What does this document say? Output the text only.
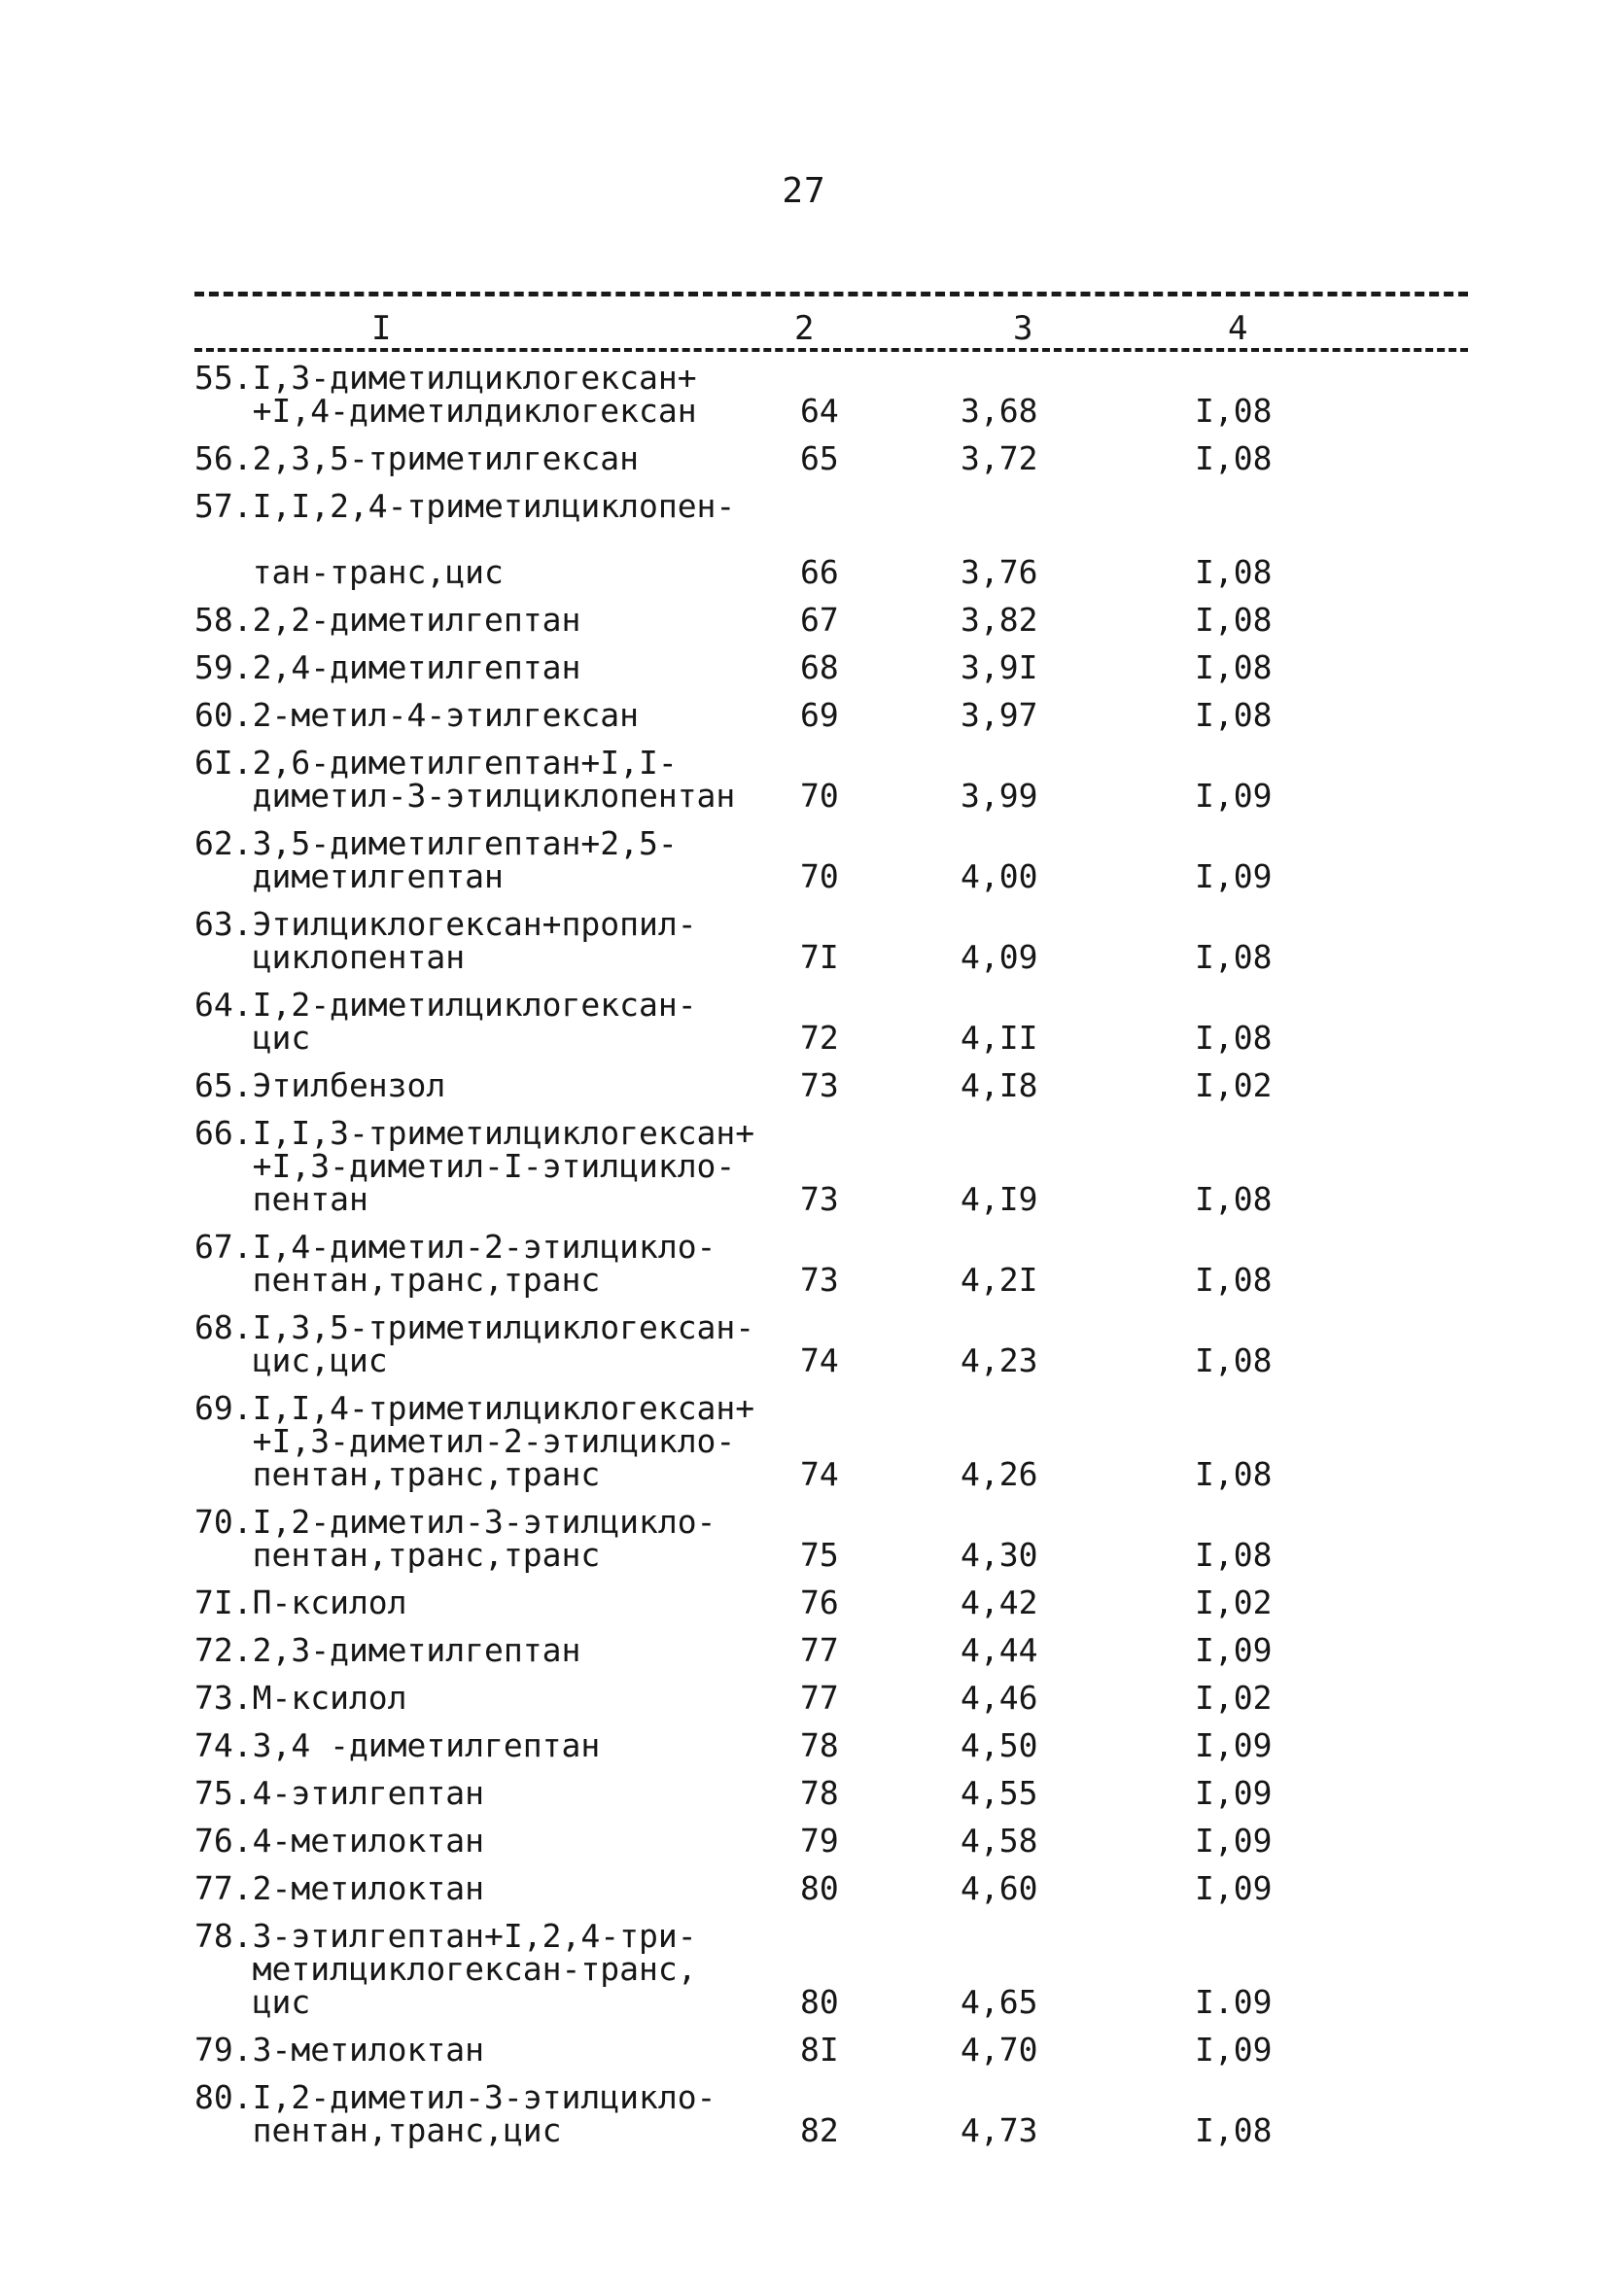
27
I	2	3	4
55.I,3-диметилциклогексан+
+I,4-диметилдиклогексан	64	3,68	I,08
56.2,3,5-триметилгексан	65	3,72	I,08
57.I,I,2,4-триметилциклопен-

тан-транс,цис	66	3,76	I,08
58.2,2-диметилгептан	67	3,82	I,08
59.2,4-диметилгептан	68	3,9I	I,08
60.2-метил-4-этилгексан	69	3,97	I,08
6I.2,6-диметилгептан+I,I-
диметил-3-этилциклопентан	70	3,99	I,09
62.3,5-диметилгептан+2,5-
диметилгептан	70	4,00	I,09
63.Этилциклогексан+пропил-
циклопентан	7I	4,09	I,08
64.I,2-диметилциклогексан-
цис	72	4,II	I,08
65.Этилбензол	73	4,I8	I,02
66.I,I,3-триметилциклогексан+
+I,3-диметил-I-этилцикло-
пентан	73	4,I9	I,08
67.I,4-диметил-2-этилцикло-
пентан,транс,транс	73	4,2I	I,08
68.I,3,5-триметилциклогексан-
цис,цис	74	4,23	I,08
69.I,I,4-триметилциклогексан+
+I,3-диметил-2-этилцикло-
пентан,транс,транс	74	4,26	I,08
70.I,2-диметил-3-этилцикло-
пентан,транс,транс	75	4,30	I,08
7I.П-ксилол	76	4,42	I,02
72.2,3-диметилгептан	77	4,44	I,09
73.М-ксилол	77	4,46	I,02
74.3,4 -диметилгептан	78	4,50	I,09
75.4-этилгептан	78	4,55	I,09
76.4-метилоктан	79	4,58	I,09
77.2-метилоктан	80	4,60	I,09
78.3-этилгептан+I,2,4-три-
метилциклогексан-транс,
цис	80	4,65	I.09
79.3-метилоктан	8I	4,70	I,09
80.I,2-диметил-3-этилцикло-
пентан,транс,цис	82	4,73	I,08
